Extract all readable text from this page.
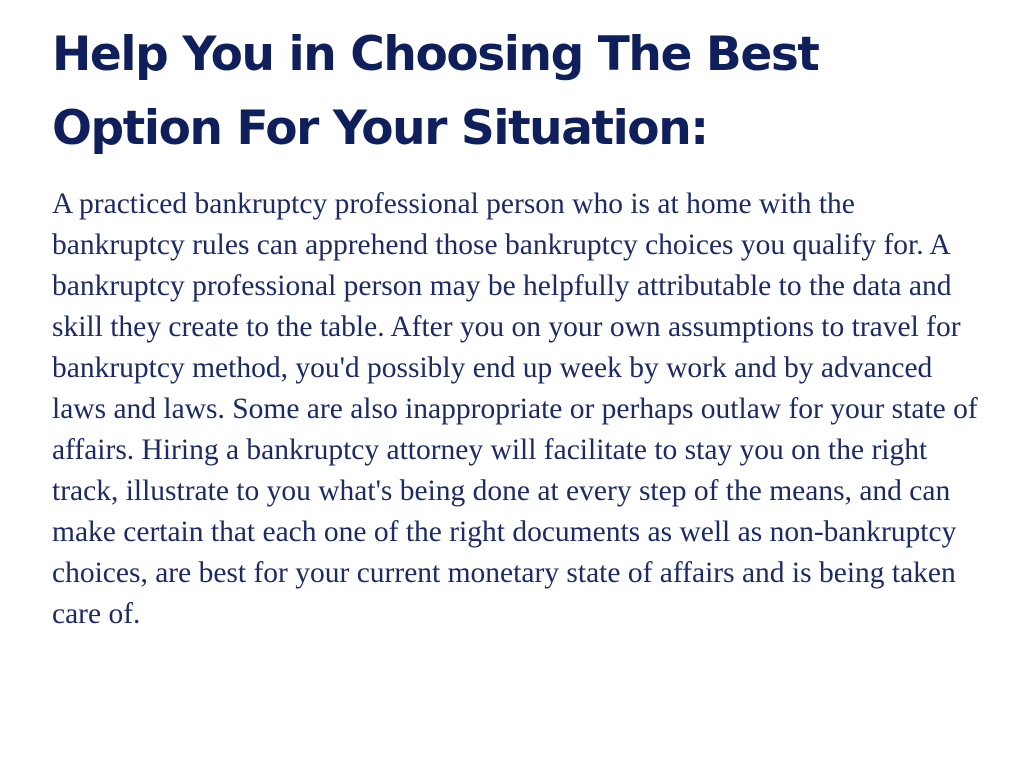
Help You in Choosing The Best Option For Your Situation:

A practiced bankruptcy professional person who is at home with the bankruptcy rules can apprehend those bankruptcy choices you qualify for. A bankruptcy professional person may be helpfully attributable to the data and skill they create to the table. After you on your own assumptions to travel for bankruptcy method, you'd possibly end up week by work and by advanced laws and laws. Some are also inappropriate or perhaps outlaw for your state of affairs. Hiring a bankruptcy attorney will facilitate to stay you on the right track, illustrate to you what's being done at every step of the means, and can make certain that each one of the right documents as well as non-bankruptcy choices, are best for your current monetary state of affairs and is being taken care of.
